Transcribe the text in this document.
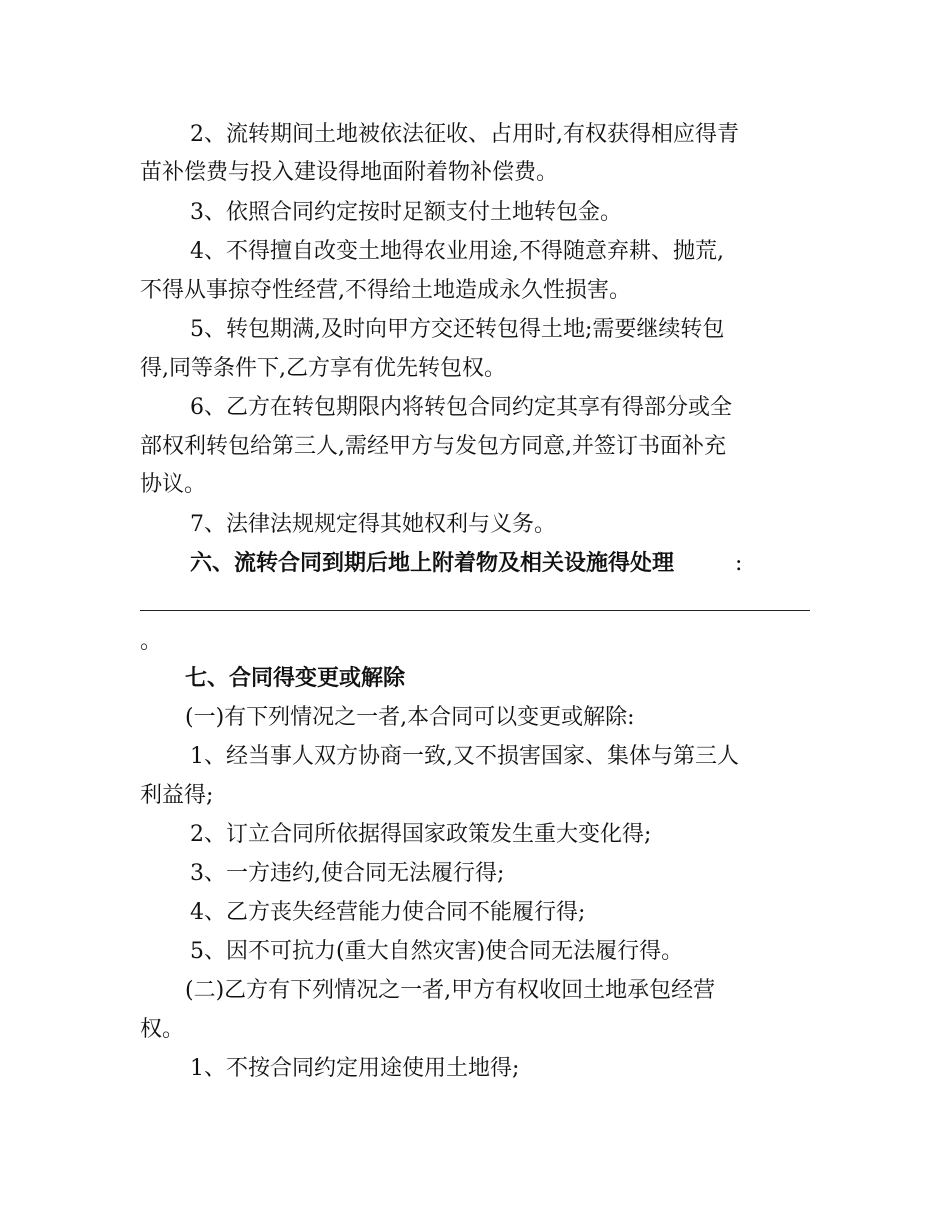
2、流转期间土地被依法征收、占用时,有权获得相应得青
苗补偿费与投入建设得地面附着物补偿费。
3、依照合同约定按时足额支付土地转包金。
4、不得擅自改变土地得农业用途,不得随意弃耕、抛荒,
不得从事掠夺性经营,不得给土地造成永久性损害。
5、转包期满,及时向甲方交还转包得土地;需要继续转包
得,同等条件下,乙方享有优先转包权。
6、乙方在转包期限内将转包合同约定其享有得部分或全
部权利转包给第三人,需经甲方与发包方同意,并签订书面补充
协议。
7、法律法规规定得其她权利与义务。
六、流转合同到期后地上附着物及相关设施得处理	:
。
七、合同得变更或解除
(一)有下列情况之一者,本合同可以变更或解除:
1、经当事人双方协商一致,又不损害国家、集体与第三人
利益得;
2、订立合同所依据得国家政策发生重大变化得;
3、一方违约,使合同无法履行得;
4、乙方丧失经营能力使合同不能履行得;
5、因不可抗力(重大自然灾害)使合同无法履行得。
(二)乙方有下列情况之一者,甲方有权收回土地承包经营
权。
1、不按合同约定用途使用土地得;
